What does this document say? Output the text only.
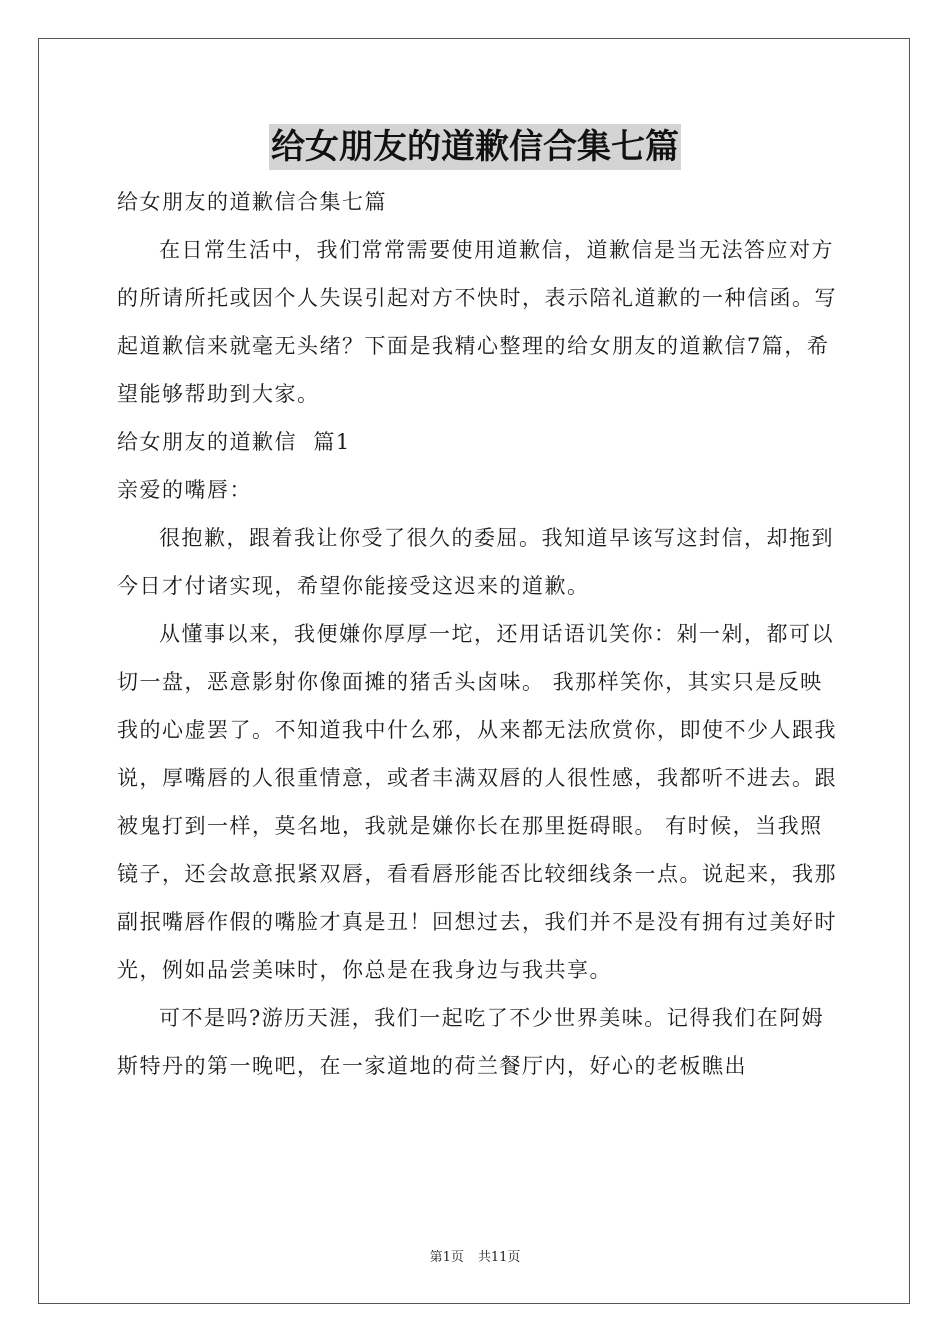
给女朋友的道歉信合集七篇

给女朋友的道歉信合集七篇

在日常生活中，我们常常需要使用道歉信，道歉信是当无法答应对方的所请所托或因个人失误引起对方不快时，表示陪礼道歉的一种信函。写起道歉信来就毫无头绪？下面是我精心整理的给女朋友的道歉信7篇，希望能够帮助到大家。

给女朋友的道歉信  篇1

亲爱的嘴唇：

很抱歉，跟着我让你受了很久的委屈。我知道早该写这封信，却拖到今日才付诸实现，希望你能接受这迟来的道歉。

从懂事以来，我便嫌你厚厚一坨，还用话语讥笑你：剁一剁，都可以切一盘，恶意影射你像面摊的猪舌头卤味。 我那样笑你，其实只是反映我的心虚罢了。不知道我中什么邪，从来都无法欣赏你，即使不少人跟我说，厚嘴唇的人很重情意，或者丰满双唇的人很性感，我都听不进去。跟被鬼打到一样，莫名地，我就是嫌你长在那里挺碍眼。 有时候，当我照镜子，还会故意抿紧双唇，看看唇形能否比较细线条一点。说起来，我那副抿嘴唇作假的嘴脸才真是丑！回想过去，我们并不是没有拥有过美好时光，例如品尝美味时，你总是在我身边与我共享。

可不是吗?游历天涯，我们一起吃了不少世界美味。记得我们在阿姆斯特丹的第一晚吧，在一家道地的荷兰餐厅内，好心的老板瞧出

第1页 共11页
